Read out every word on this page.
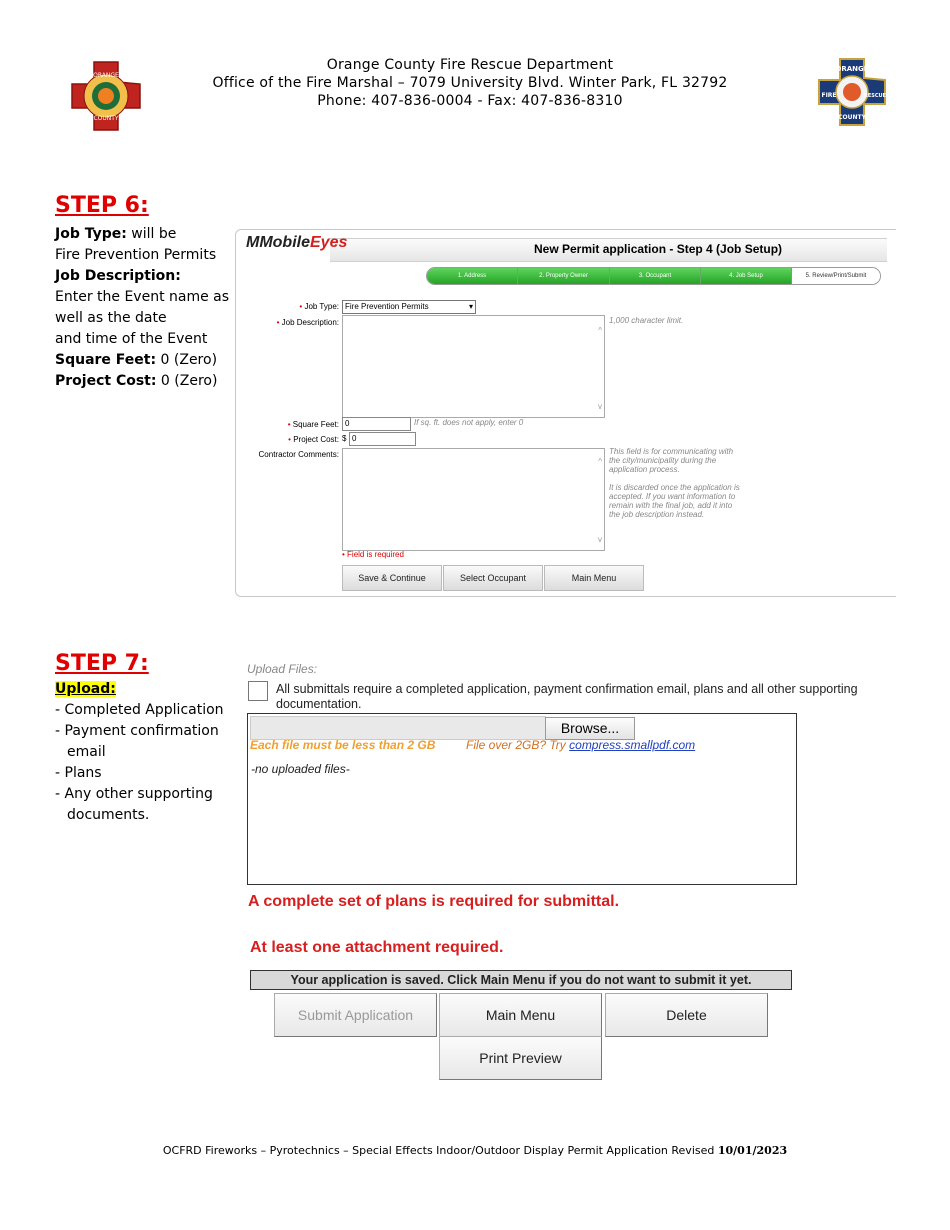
ORANGE
COUNTY
Orange County Fire Rescue Department
Office of the Fire Marshal – 7079 University Blvd. Winter Park, FL 32792
Phone: 407-836-0004 - Fax: 407-836-8310
ORANGE
FIRE	RESCUE
COUNTY
STEP 6:
Job Type: will be
Fire Prevention Permits
Job Description:
Enter the Event name as
well as the date
and time of the Event
Square Feet: 0 (Zero)
Project Cost: 0 (Zero)
MMobileEyes	New Permit application - Step 4 (Job Setup)
1. Address	2. Property Owner	3. Occupant	4. Job Setup	5. Review/Print/Submit
• Job Type: Fire Prevention Permits	▾
• Job Description:
^
v
1,000 character limit.
• Square Feet: 0	If sq. ft. does not apply, enter 0
• Project Cost: $ 0
Contractor Comments:
^
v
This field is for communicating with the city/municipality during the application process.
It is discarded once the application is accepted. If you want information to remain with the final job, add it into the job description instead.
• Field is required
Save & Continue	Select Occupant	Main Menu
STEP 7:
Upload:
- Completed Application
- Payment confirmation
email
- Plans
- Any other supporting
documents.
Upload Files:
All submittals require a completed application, payment confirmation email, plans and all other supporting documentation.
Browse...
Each file must be less than 2 GB	File over 2GB? Try compress.smallpdf.com
-no uploaded files-
A complete set of plans is required for submittal.
At least one attachment required.
Your application is saved. Click Main Menu if you do not want to submit it yet.
Submit Application	Main Menu	Delete
Print Preview
OCFRD Fireworks – Pyrotechnics – Special Effects Indoor/Outdoor Display Permit Application Revised 10/01/2023
